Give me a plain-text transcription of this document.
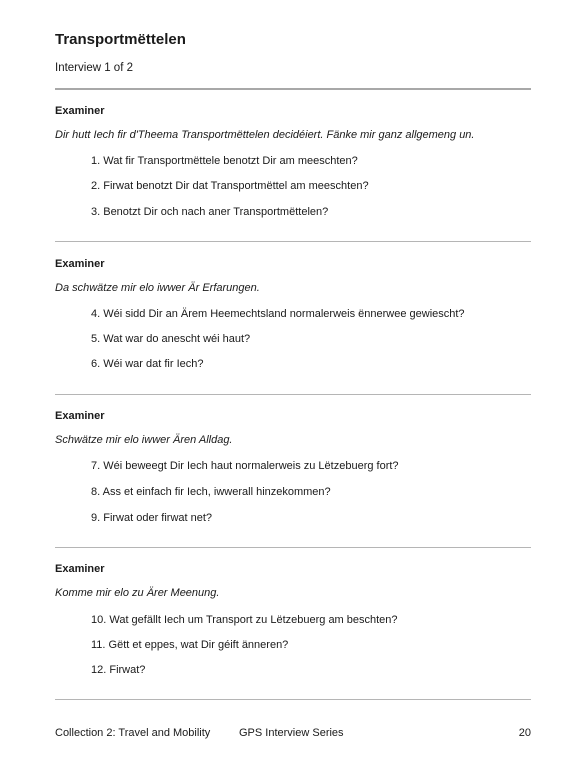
Transportmëttelen
Interview 1 of 2
Examiner
Dir hutt Iech fir d'Theema Transportmëttelen decidéiert. Fänke mir ganz allgemeng un.
1. Wat fir Transportmëttele benotzt Dir am meeschten?
2. Firwat benotzt Dir dat Transportmëttel am meeschten?
3. Benotzt Dir och nach aner Transportmëttelen?
Examiner
Da schwätze mir elo iwwer Är Erfarungen.
4. Wéi sidd Dir an Ärem Heemechtsland normalerweis ënnerwee gewiescht?
5. Wat war do anescht wéi haut?
6. Wéi war dat fir Iech?
Examiner
Schwätze mir elo iwwer Ären Alldag.
7. Wéi beweegt Dir Iech haut normalerweis zu Lëtzebuerg fort?
8. Ass et einfach fir Iech, iwwerall hinzekommen?
9. Firwat oder firwat net?
Examiner
Komme mir elo zu Ärer Meenung.
10. Wat gefällt Iech um Transport zu Lëtzebuerg am beschten?
11. Gëtt et eppes, wat Dir géift änneren?
12. Firwat?
Collection 2: Travel and Mobility	GPS Interview Series	20
